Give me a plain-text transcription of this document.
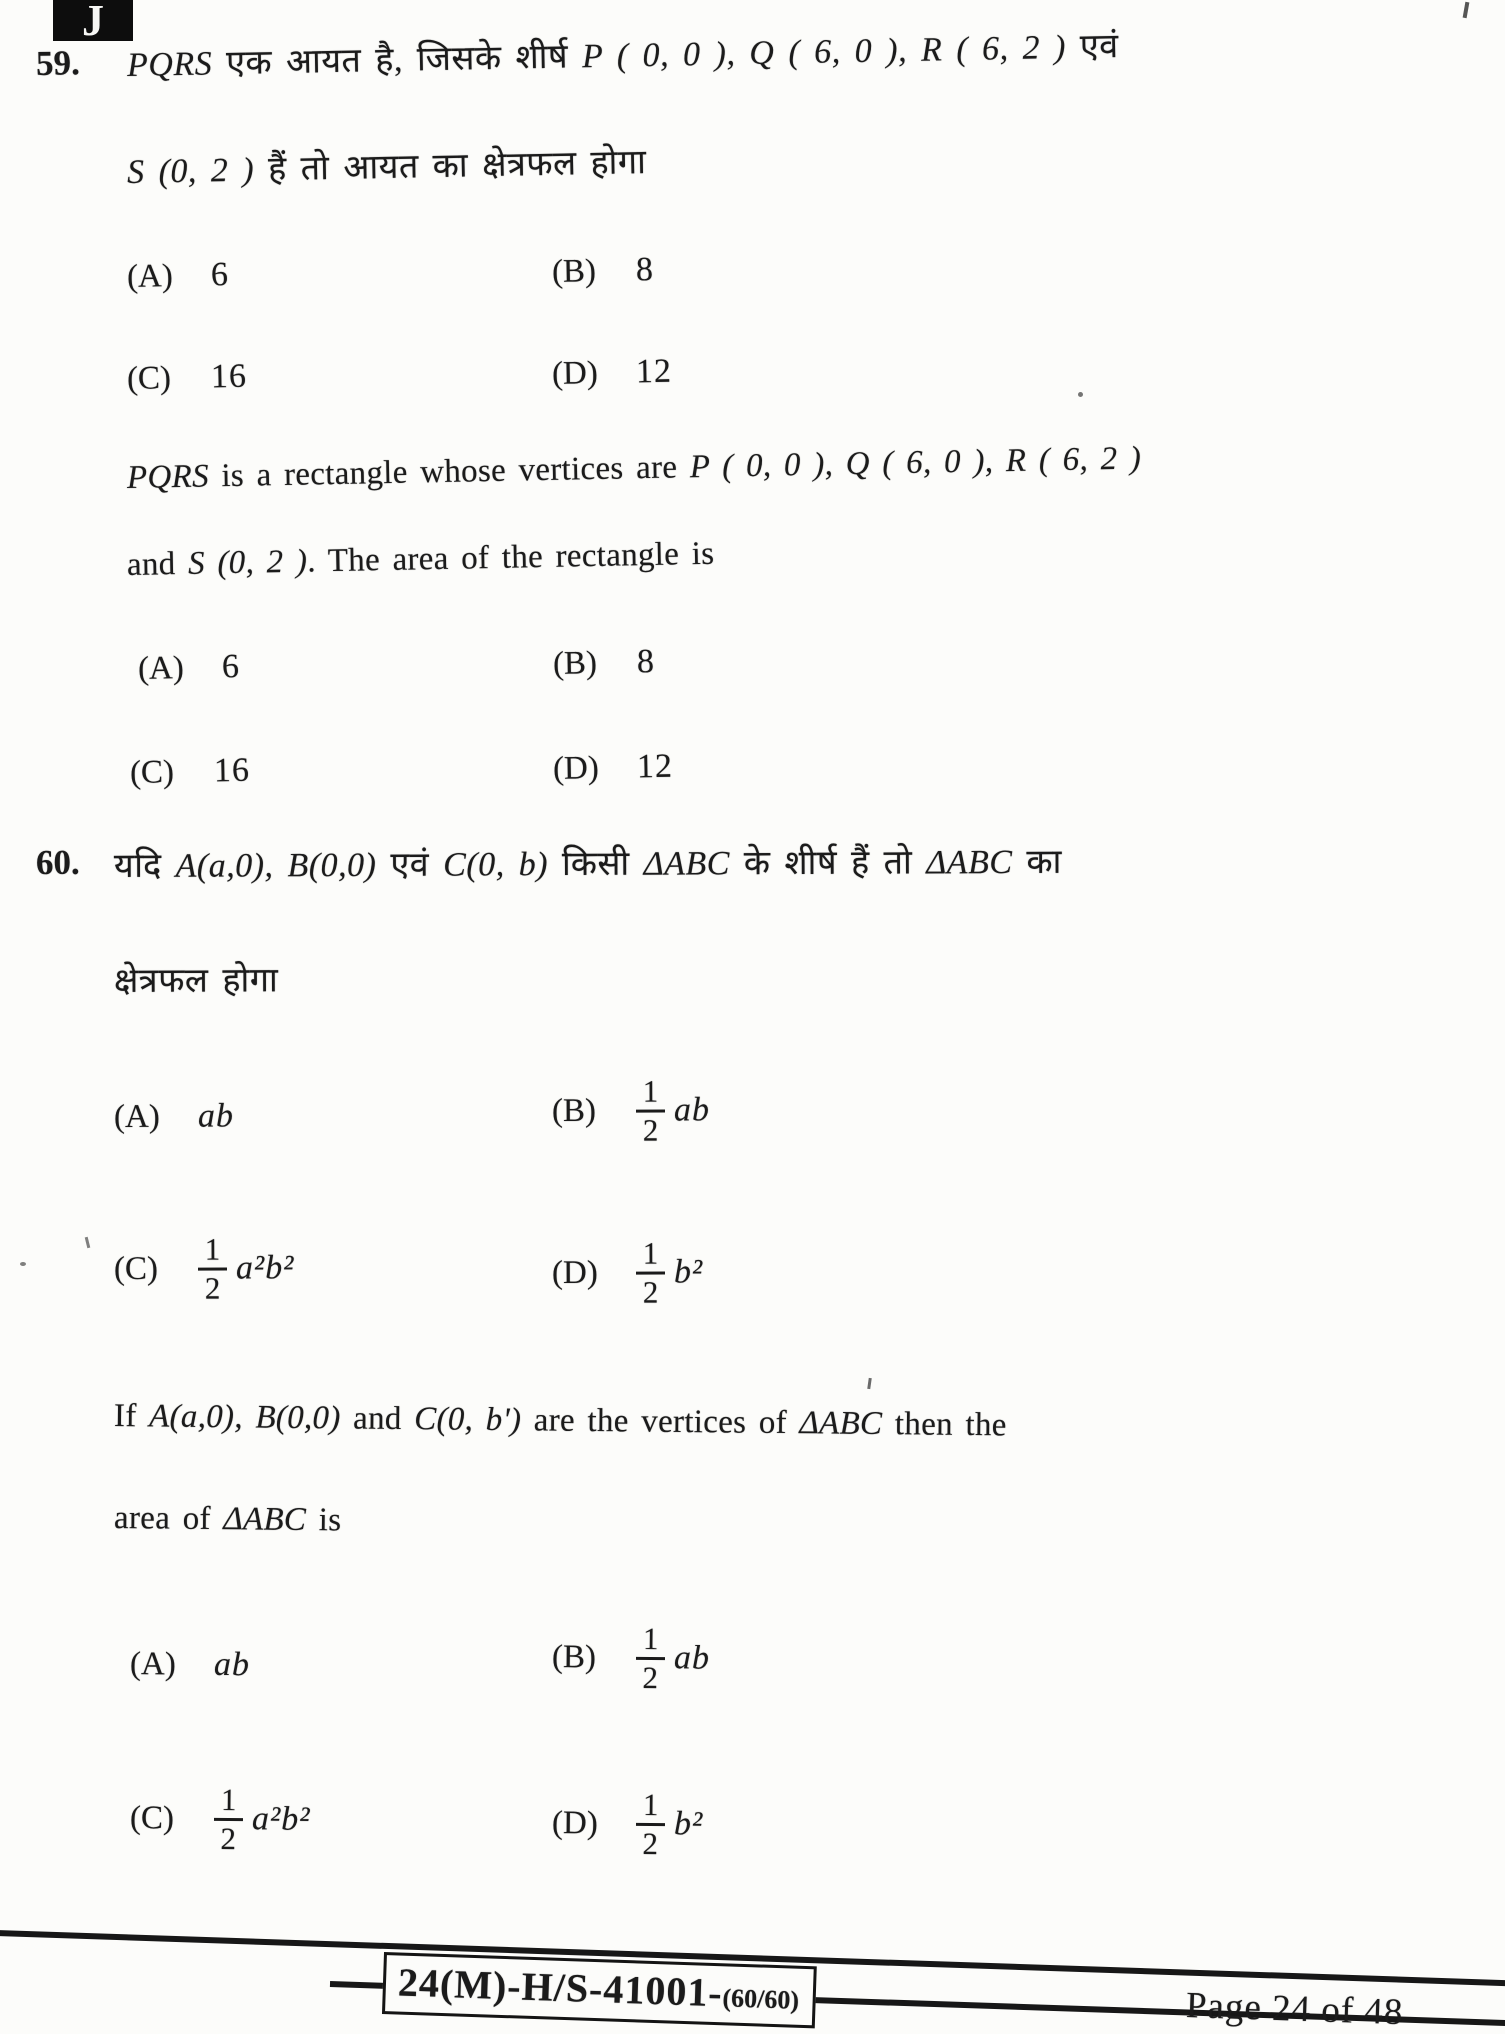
J
59. PQRS एक आयत है, जिसके शीर्ष P ( 0, 0 ), Q ( 6, 0 ), R ( 6, 2 ) एवं
S (0, 2 ) हैं तो आयत का क्षेत्रफल होगा
(A)	6	(B)	8
(C)	16	(D)	12
PQRS is a rectangle whose vertices are P ( 0, 0 ), Q ( 6, 0 ), R ( 6, 2 )
and S (0, 2 ). The area of the rectangle is
(A)	6	(B)	8
(C)	16	(D)	12
60. यदि A(a,0), B(0,0) एवं C(0, b) किसी ΔABC के शीर्ष हैं तो ΔABC का
क्षेत्रफल होगा
(A)	ab	(B)	$\frac{1}{2}$ ab
(C)	$\frac{1}{2} a^2b^2$	(D)	$\frac{1}{2} b^2$
If A(a,0), B(0,0) and C(0, b') are the vertices of ΔABC then the
area of ΔABC is
(A)	ab	(B)	$\frac{1}{2}$ ab
(C)	$\frac{1}{2} a^2b^2$	(D)	$\frac{1}{2} b^2$
24(M)-H/S-41001-
(60/60)	Page 24 of 48
